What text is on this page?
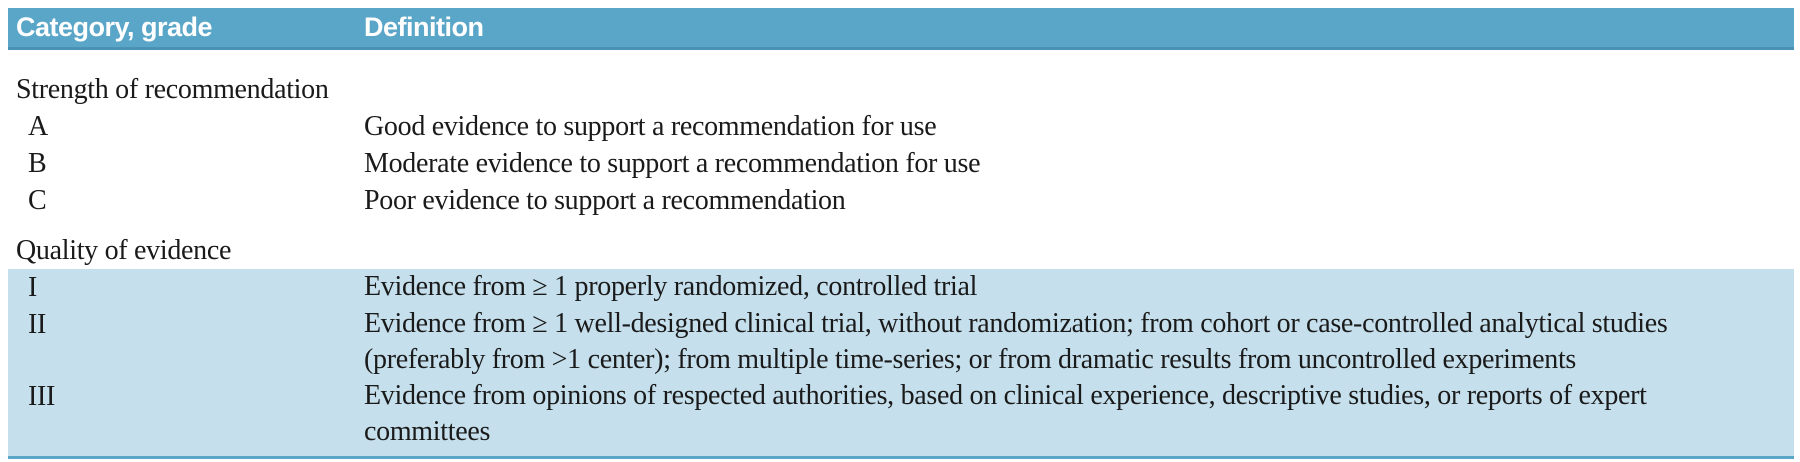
Category, grade	Definition
Strength of recommendation
A	Good evidence to support a recommendation for use
B	Moderate evidence to support a recommendation for use
C	Poor evidence to support a recommendation
Quality of evidence
I	Evidence from ≥ 1 properly randomized, controlled trial
II	Evidence from ≥ 1 well-designed clinical trial, without randomization; from cohort or case-controlled analytical studies (preferably from >1 center); from multiple time-series; or from dramatic results from uncontrolled experiments
III	Evidence from opinions of respected authorities, based on clinical experience, descriptive studies, or reports of expert committees
